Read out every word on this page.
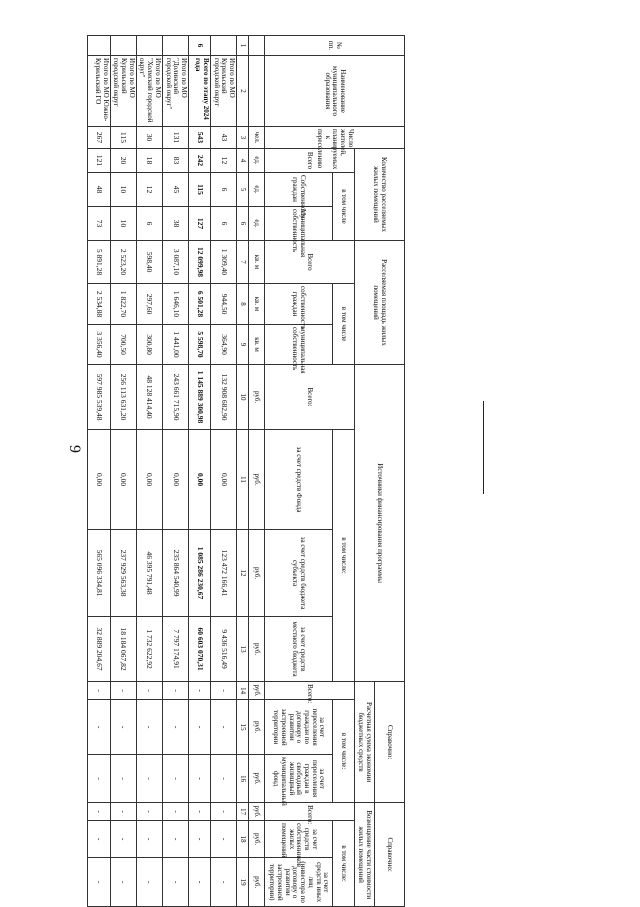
9
№ пп.	Наименование муниципального образования	Число жителей, планируемых к переселению	Количество расселяемых жилых помещений			Расселяемая площадь жилых помещений			Источники финансирования программы				Справочно:			Справочно:		
													Расчетная сумма экономии бюджетных средств			Возмещение части стоимости жилых помещений		
			Всего	в том числе		Всего	в том числе		Всего:	в том числе:			Всего:	в том числе:		Всего:	в том числе:	
				Собственность граждан	Муниципальная собственность		собственность граждан	муниципальная собственность		за счет средств Фонда	за счет средств бюджета субъекта	за счет средств местного бюджета		за счет переселения граждан по договору о развитии застроенной территории	за счет переселения граждан в свободный жилищный муниципальный фонд		за счет средств собственников жилых помещений	за счет средств иных лиц (инвестора по договору о развитии застроенной территории)
		чел.	ед.	ед.	ед.	кв. м	кв. м	кв. м	руб.	руб.	руб.	руб.	руб.	руб.	руб.	руб.	руб.	руб.
1	2	3	4	5	6	7	8	9	10	11	12	13	14	15	16	17	18	19
	Итого по МО Курильский городской округ	43	12	6	6	1 309,40	944,50	364,90	132 908 682,90	0,00	123 472 166,41	9 436 516,49	-	-	-	-	-	-
6	Всего по этапу 2024 года	543	242	115	127	12 099,98	6 501,28	5 598,70	1 145 889 300,98	0,00	1 085 286 230,67	60 603 070,31	-	-	-	-	-	-
	Итого по МО "Долинский городской округ"	131	83	45	38	3 087,10	1 646,10	1 441,00	243 661 715,90	0,00	235 864 540,99	7 797 174,91	-	-	-	-	-	-
	Итого по МО "Холмский городской округ"	30	18	12	6	598,40	297,60	300,80	48 128 414,40	0,00	46 395 791,48	1 732 622,92	-	-	-	-	-	-
	Итого по МО Курильский городской округ	115	20	10	10	2 523,20	1 822,70	700,50	256 113 631,20	0,00	237 929 563,38	18 184 067,82	-	-	-	-	-	-
	Итого по МО Южно-Курильский ГО	267	121	48	73	5 891,28	2 534,88	3 356,40	597 985 539,48	0,00	565 096 334,81	32 889 204,67	-	-	-	-	-	-
